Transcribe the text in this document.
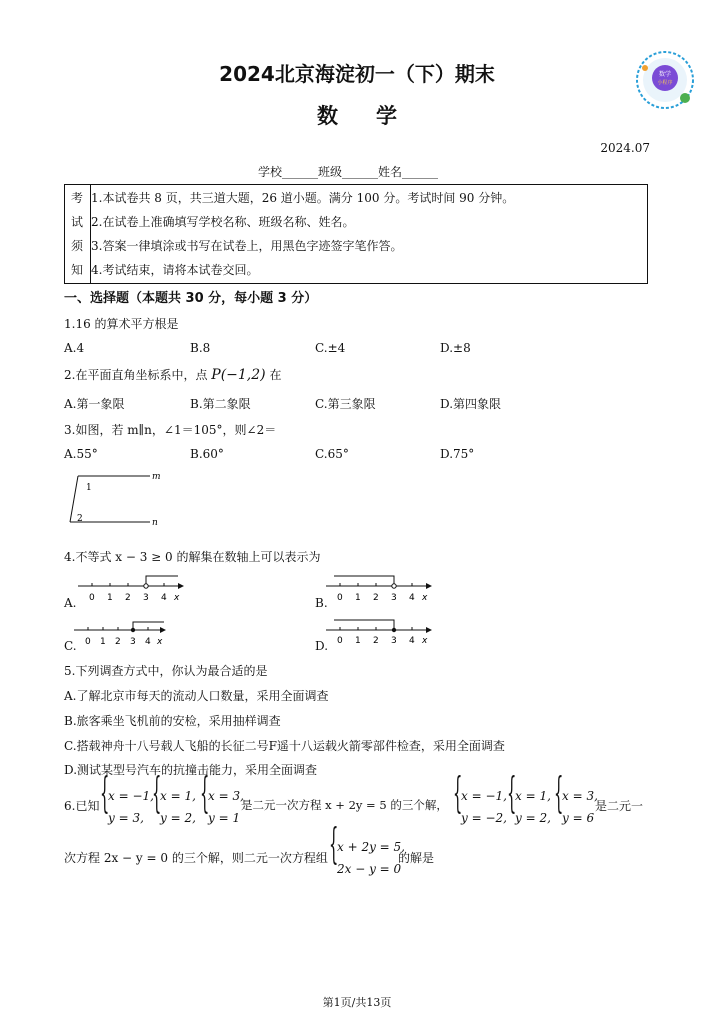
2024北京海淀初一（下）期末
数学
数学
小程序
2024.07
学校______班级______姓名______
考
试
须
知
1.本试卷共 8 页，共三道大题，26 道小题。满分 100 分。考试时间 90 分钟。
2.在试卷上准确填写学校名称、班级名称、姓名。
3.答案一律填涂或书写在试卷上，用黑色字迹签字笔作答。
4.考试结束，请将本试卷交回。
一、选择题（本题共 30 分，每小题 3 分）
1.16 的算术平方根是
A.4	B.8	C.±4	D.±8
2.在平面直角坐标系中，点 P(−1,2) 在
A.第一象限	B.第二象限	C.第三象限	D.第四象限
3.如图，若 m∥n，∠1＝105°，则∠2＝
A.55°	B.60°	C.65°	D.75°
m
n
1
2
4.不等式 x − 3 ≥ 0 的解集在数轴上可以表示为
A. 0 1 2 3 4 x	B. 0 1 2 3 4 x
C. 0 1 2 3 4 x	D. 0 1 2 3 4 x
5.下列调查方式中，你认为最合适的是
A.了解北京市每天的流动人口数量，采用全面调查
B.旅客乘坐飞机前的安检，采用抽样调查
C.搭载神舟十八号载人飞船的长征二号F遥十八运载火箭零部件检查，采用全面调查
D.测试某型号汽车的抗撞击能力，采用全面调查
6.已知 {
x = −1,
y = 3,
{
x = 1,
y = 2,
{
x = 3,
y = 1
是二元一次方程 x + 2y = 5 的三个解， {
x = −1,
y = −2,
{
x = 1,
y = 2,
{
x = 3,
y = 6
是二元一
次方程 2x − y = 0 的三个解，则二元一次方程组 {
x + 2y = 5,
2x − y = 0
的解是
第1页/共13页
